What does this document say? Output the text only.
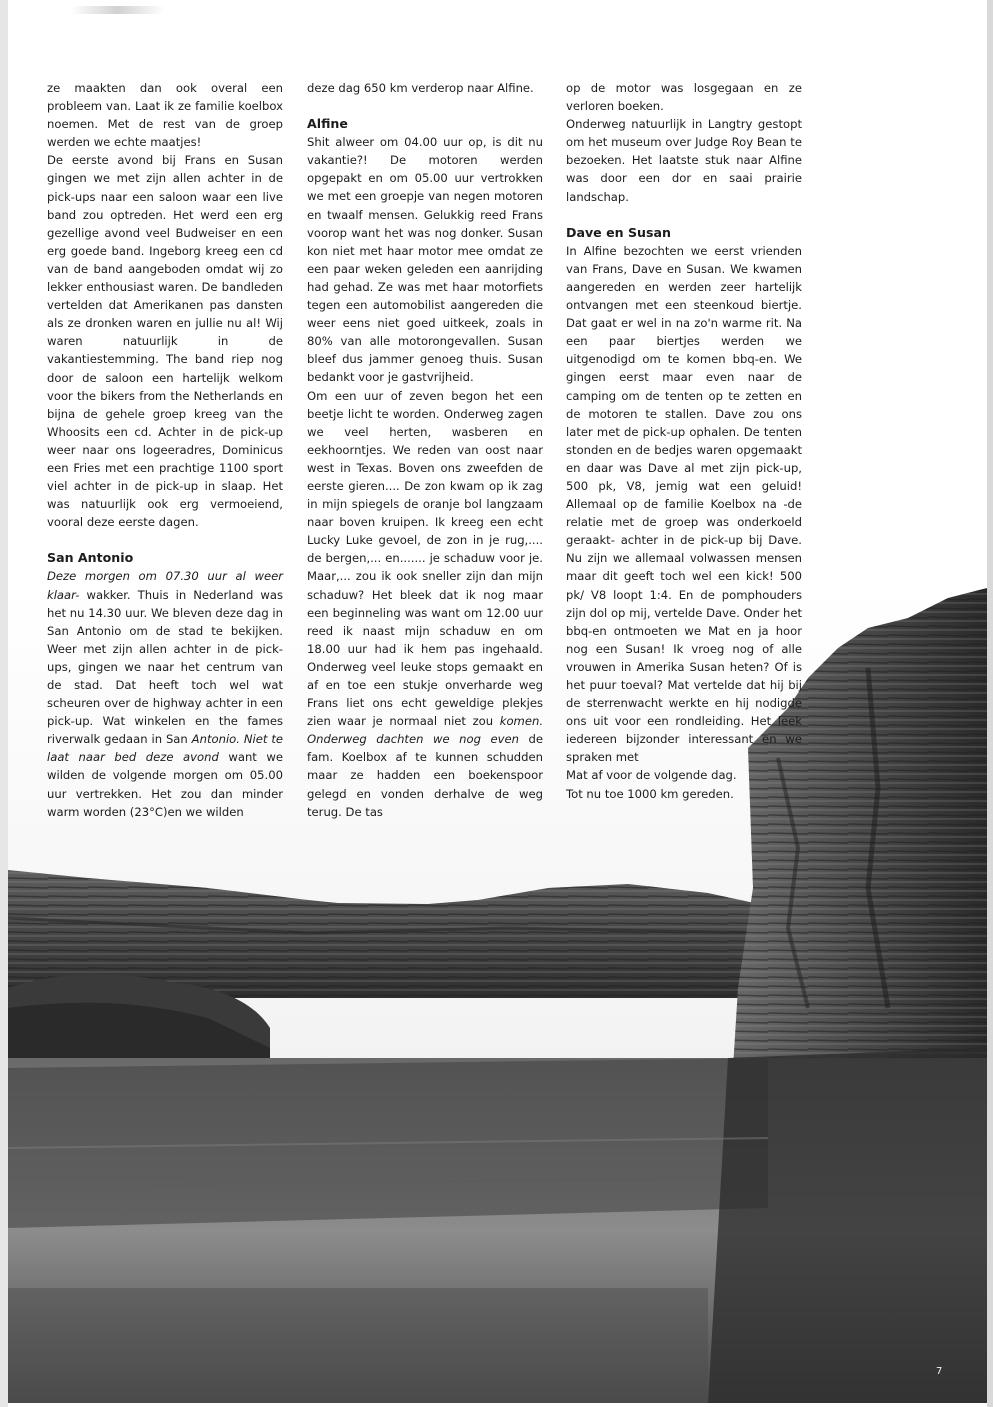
ze maakten dan ook overal een probleem van. Laat ik ze familie koelbox noemen. Met de rest van de groep werden we echte maatjes!

De eerste avond bij Frans en Susan gingen we met zijn allen achter in de pick-ups naar een saloon waar een live band zou optreden. Het werd een erg gezellige avond veel Budweiser en een erg goede band. Ingeborg kreeg een cd van de band aangeboden omdat wij zo lekker enthousiast waren. De bandleden vertelden dat Amerikanen pas dansten als ze dronken waren en jullie nu al! Wij waren natuurlijk in de vakantiestemming. The band riep nog door de saloon een hartelijk welkom voor the bikers from the Netherlands en bijna de gehele groep kreeg van the Whoosits een cd. Achter in de pick-up weer naar ons logeeradres, Dominicus een Fries met een prachtige 1100 sport viel achter in de pick-up in slaap. Het was natuurlijk ook erg vermoeiend, vooral deze eerste dagen.

San Antonio

Deze morgen om 07.30 uur al weer klaar- wakker. Thuis in Nederland was het nu 14.30 uur. We bleven deze dag in San Antonio om de stad te bekijken. Weer met zijn allen achter in de pick-ups, gingen we naar het centrum van de stad. Dat heeft toch wel wat scheuren over de highway achter in een pick-up. Wat winkelen en the fames riverwalk gedaan in San Antonio. Niet te laat naar bed deze avond want we wilden de volgende morgen om 05.00 uur vertrekken. Het zou dan minder warm worden (23°C)en we wilden

deze dag 650 km verderop naar Alfine.

Alfine

Shit alweer om 04.00 uur op, is dit nu vakantie?! De motoren werden opgepakt en om 05.00 uur vertrokken we met een groepje van negen motoren en twaalf mensen. Gelukkig reed Frans voorop want het was nog donker. Susan kon niet met haar motor mee omdat ze een paar weken geleden een aanrijding had gehad. Ze was met haar motorfiets tegen een automobilist aangereden die weer eens niet goed uitkeek, zoals in 80% van alle motorongevallen. Susan bleef dus jammer genoeg thuis. Susan bedankt voor je gastvrijheid.

Om een uur of zeven begon het een beetje licht te worden. Onderweg zagen we veel herten, wasberen en eekhoorntjes. We reden van oost naar west in Texas. Boven ons zweefden de eerste gieren.... De zon kwam op ik zag in mijn spiegels de oranje bol langzaam naar boven kruipen. Ik kreeg een echt Lucky Luke gevoel, de zon in je rug,.... de bergen,... en....... je schaduw voor je. Maar,... zou ik ook sneller zijn dan mijn schaduw? Het bleek dat ik nog maar een beginneling was want om 12.00 uur reed ik naast mijn schaduw en om 18.00 uur had ik hem pas ingehaald. Onderweg veel leuke stops gemaakt en af en toe een stukje onverharde weg Frans liet ons echt geweldige plekjes zien waar je normaal niet zou komen. Onderweg dachten we nog even de fam. Koelbox af te kunnen schudden maar ze hadden een boekenspoor gelegd en vonden derhalve de weg terug. De tas

op de motor was losgegaan en ze verloren boeken.

Onderweg natuurlijk in Langtry gestopt om het museum over Judge Roy Bean te bezoeken. Het laatste stuk naar Alfine was door een dor en saai prairie landschap.

Dave en Susan

In Alfine bezochten we eerst vrienden van Frans, Dave en Susan. We kwamen aangereden en werden zeer hartelijk ontvangen met een steenkoud biertje. Dat gaat er wel in na zo'n warme rit. Na een paar biertjes werden we uitgenodigd om te komen bbq-en. We gingen eerst maar even naar de camping om de tenten op te zetten en de motoren te stallen. Dave zou ons later met de pick-up ophalen. De tenten stonden en de bedjes waren opgemaakt en daar was Dave al met zijn pick-up, 500 pk, V8, jemig wat een geluid! Allemaal op de familie Koelbox na -de relatie met de groep was onderkoeld geraakt- achter in de pick-up bij Dave. Nu zijn we allemaal volwassen mensen maar dit geeft toch wel een kick! 500 pk/ V8 loopt 1:4. En de pomphouders zijn dol op mij, vertelde Dave. Onder het bbq-en ontmoeten we Mat en ja hoor nog een Susan! Ik vroeg nog of alle vrouwen in Amerika Susan heten? Of is het puur toeval? Mat vertelde dat hij bij de sterrenwacht werkte en hij nodigde ons uit voor een rondleiding. Het leek iedereen bijzonder interessant en we spraken met

Mat af voor de volgende dag.

Tot nu toe 1000 km gereden.

7
